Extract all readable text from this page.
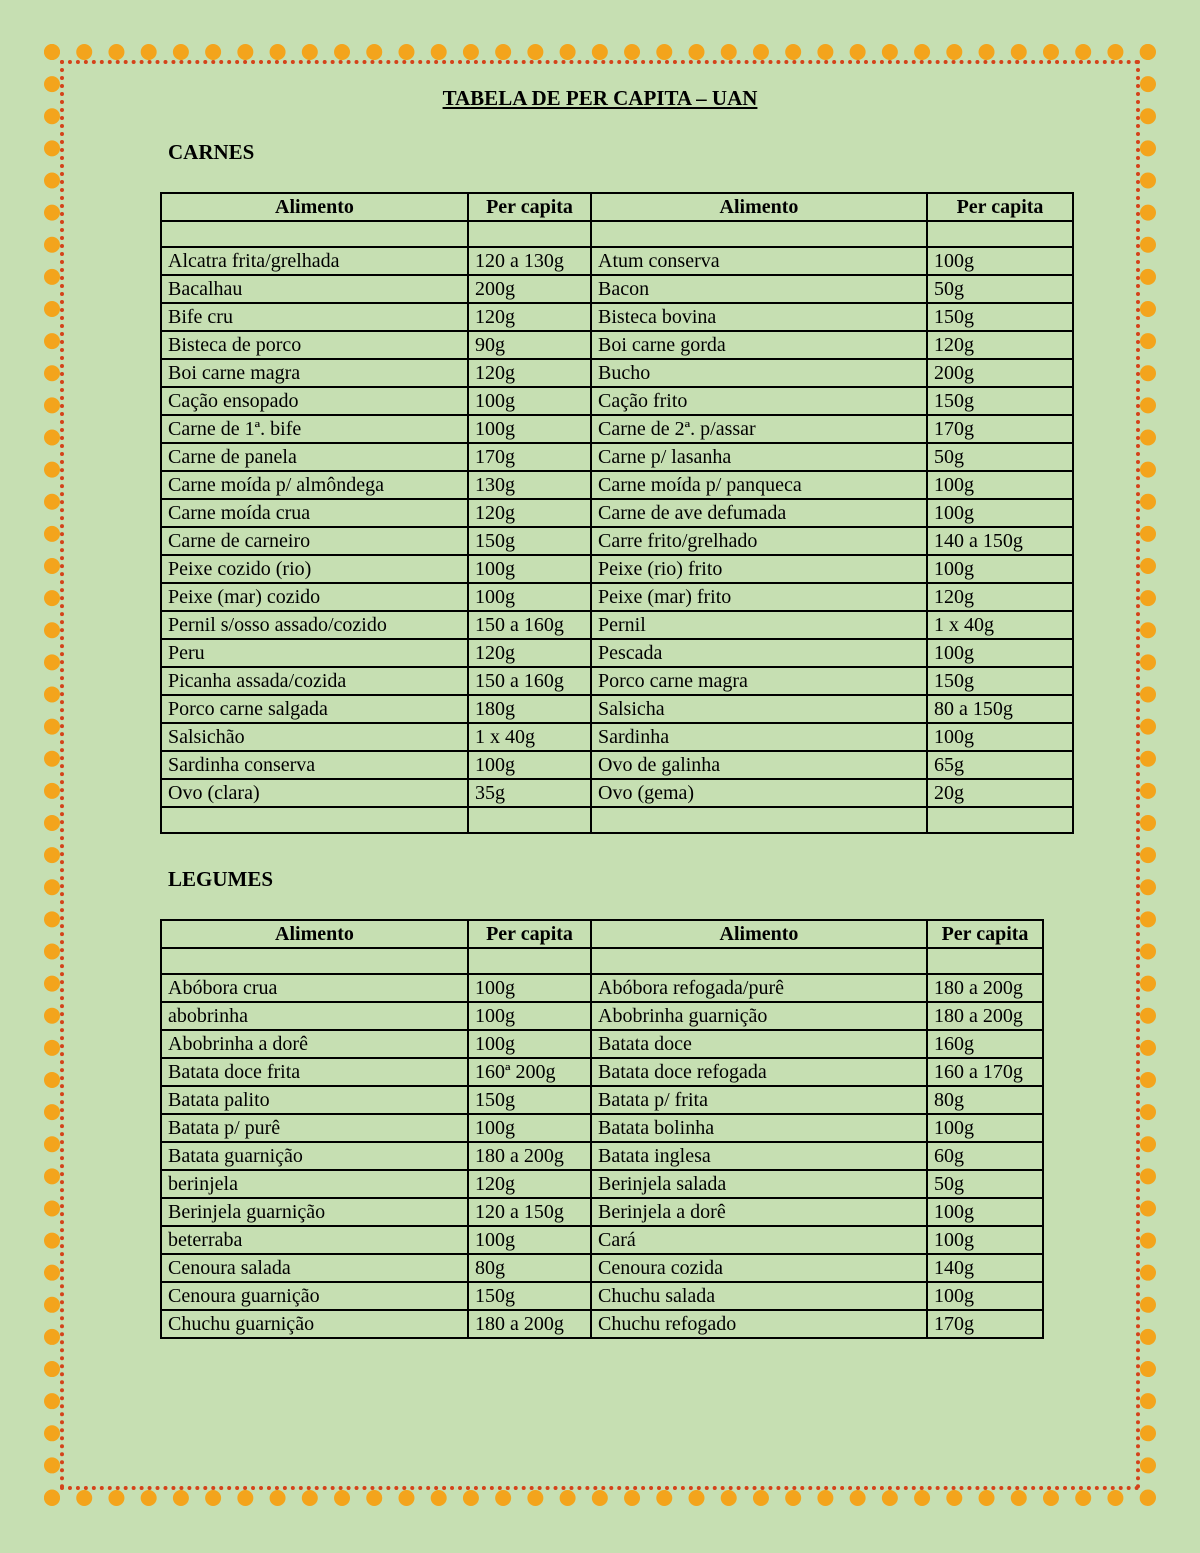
TABELA DE PER CAPITA – UAN
CARNES
Alimento	Per capita	Alimento	Per capita

Alcatra frita/grelhada	120 a 130g	Atum conserva	100g
Bacalhau	200g	Bacon	50g
Bife cru	120g	Bisteca bovina	150g
Bisteca de porco	90g	Boi carne gorda	120g
Boi carne magra	120g	Bucho	200g
Cação ensopado	100g	Cação frito	150g
Carne de 1ª. bife	100g	Carne de 2ª. p/assar	170g
Carne de panela	170g	Carne p/ lasanha	50g
Carne moída p/ almôndega	130g	Carne moída p/ panqueca	100g
Carne moída crua	120g	Carne de ave defumada	100g
Carne de carneiro	150g	Carre frito/grelhado	140 a 150g
Peixe cozido (rio)	100g	Peixe (rio) frito	100g
Peixe (mar) cozido	100g	Peixe (mar) frito	120g
Pernil s/osso assado/cozido	150 a 160g	Pernil	1 x 40g
Peru	120g	Pescada	100g
Picanha assada/cozida	150 a 160g	Porco carne magra	150g
Porco carne salgada	180g	Salsicha	80 a 150g
Salsichão	1 x 40g	Sardinha	100g
Sardinha conserva	100g	Ovo de galinha	65g
Ovo (clara)	35g	Ovo (gema)	20g

LEGUMES
Alimento	Per capita	Alimento	Per capita

Abóbora crua	100g	Abóbora refogada/purê	180 a 200g
abobrinha	100g	Abobrinha guarnição	180 a 200g
Abobrinha a dorê	100g	Batata doce	160g
Batata doce frita	160ª 200g	Batata doce refogada	160 a 170g
Batata palito	150g	Batata p/ frita	80g
Batata p/ purê	100g	Batata bolinha	100g
Batata guarnição	180 a 200g	Batata inglesa	60g
berinjela	120g	Berinjela salada	50g
Berinjela guarnição	120 a 150g	Berinjela a dorê	100g
beterraba	100g	Cará	100g
Cenoura salada	80g	Cenoura cozida	140g
Cenoura guarnição	150g	Chuchu salada	100g
Chuchu guarnição	180 a 200g	Chuchu refogado	170g
